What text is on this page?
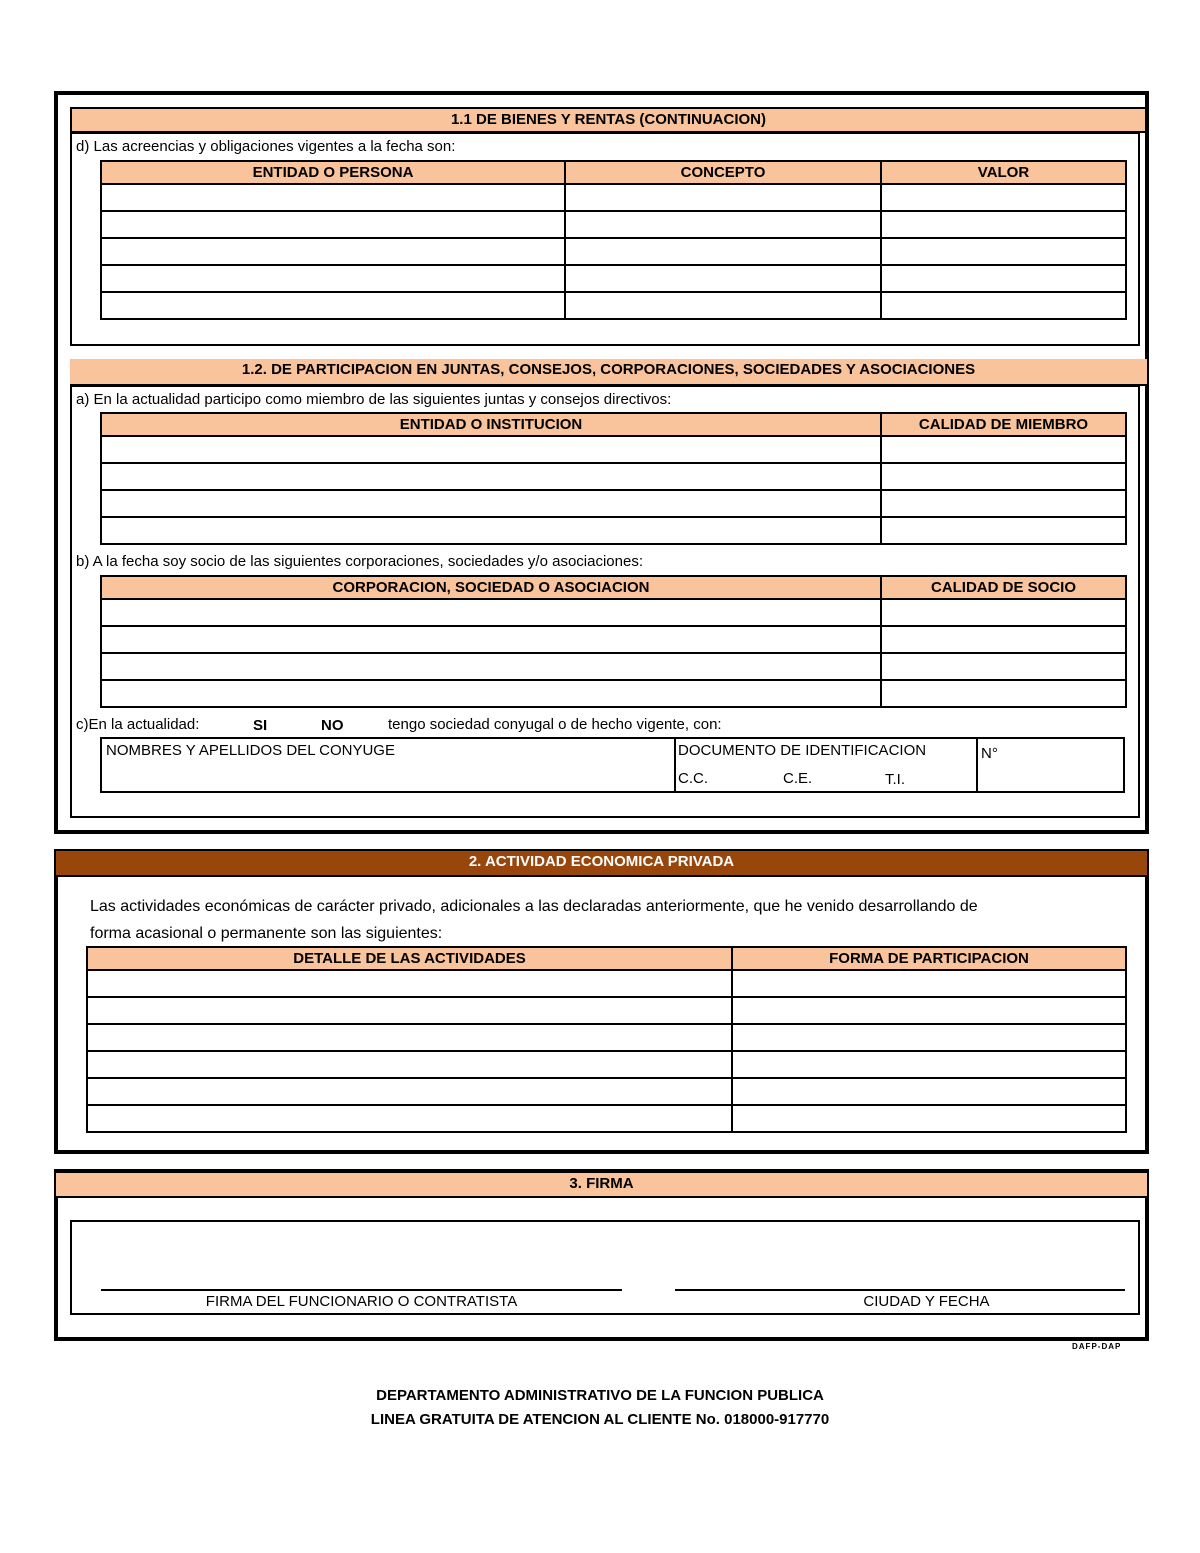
1.1 DE BIENES Y RENTAS (CONTINUACION)
d) Las acreencias y obligaciones vigentes a la fecha son:
ENTIDAD O PERSONA	CONCEPTO	VALOR

1.2. DE PARTICIPACION EN JUNTAS, CONSEJOS, CORPORACIONES, SOCIEDADES Y ASOCIACIONES
a) En la actualidad participo como miembro de las siguientes juntas y consejos directivos:
ENTIDAD O INSTITUCION	CALIDAD DE MIEMBRO

b) A la fecha soy socio de las siguientes corporaciones, sociedades y/o asociaciones:
CORPORACION, SOCIEDAD O ASOCIACION	CALIDAD DE SOCIO

c)En la actualidad:	SI	NO	tengo sociedad conyugal o de hecho vigente, con:
NOMBRES Y APELLIDOS DEL CONYUGE	DOCUMENTO DE IDENTIFICACION
C.C.	C.E.	T.I.
N°
2. ACTIVIDAD ECONOMICA PRIVADA
Las actividades económicas de carácter privado, adicionales a las declaradas anteriormente, que he venido desarrollando de
forma acasional o permanente son las siguientes:
DETALLE DE LAS ACTIVIDADES	FORMA DE PARTICIPACION

3. FIRMA
FIRMA DEL FUNCIONARIO O CONTRATISTA	CIUDAD Y FECHA
DAFP-DAP
DEPARTAMENTO ADMINISTRATIVO DE LA FUNCION PUBLICA
LINEA GRATUITA DE ATENCION AL CLIENTE No. 018000-917770
